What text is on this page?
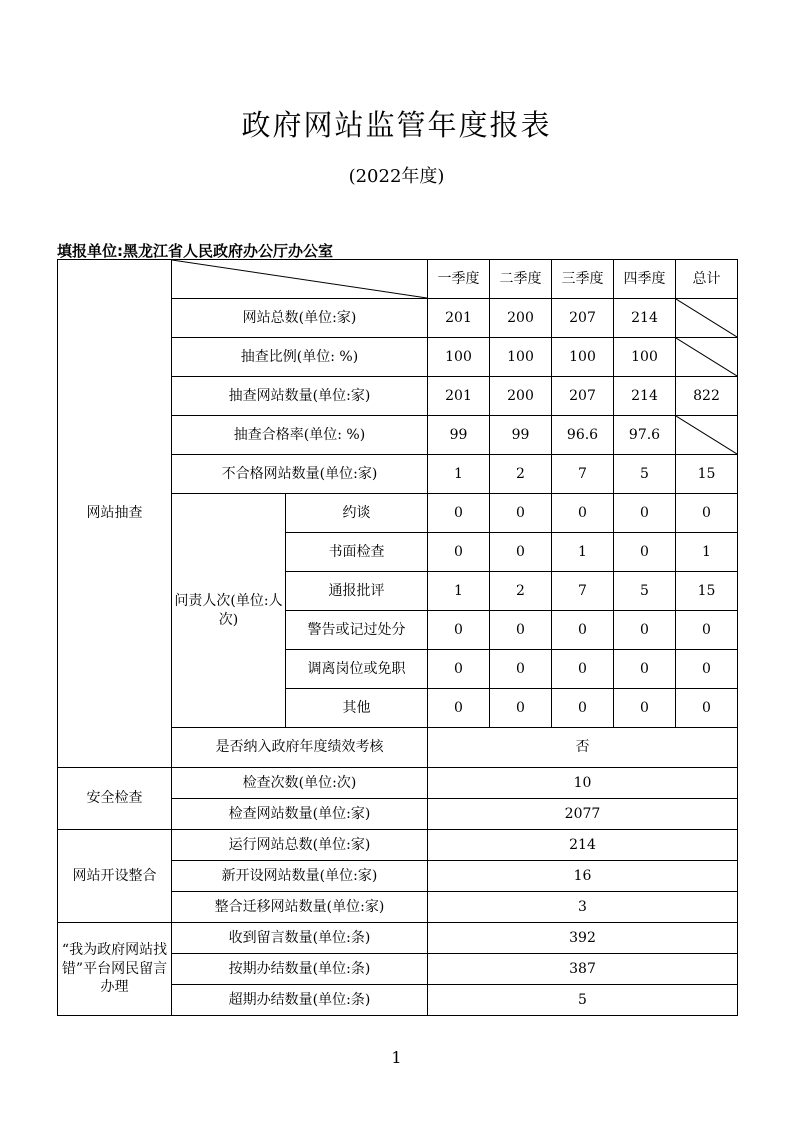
政府网站监管年度报表
(2022年度)
填报单位:黑龙江省人民政府办公厅办公室
网站抽查			一季度	二季度	三季度	四季度	总计
	网站总数(单位:家)		201	200	207	214	

	抽查比例(单位: %)		100	100	100	100	

	抽查网站数量(单位:家)		201	200	207	214	822
	抽查合格率(单位: %)		99	99	96.6	97.6	

	不合格网站数量(单位:家)		1	2	7	5	15
	问责人次(单位:人次)	约谈	0	0	0	0	0
		书面检查	0	0	1	0	1
		通报批评	1	2	7	5	15
		警告或记过处分	0	0	0	0	0
		调离岗位或免职	0	0	0	0	0
		其他	0	0	0	0	0
	是否纳入政府年度绩效考核		否				
安全检查	检查次数(单位:次)		10				
	检查网站数量(单位:家)		2077				
网站开设整合	运行网站总数(单位:家)		214				
	新开设网站数量(单位:家)		16				
	整合迁移网站数量(单位:家)		3				
“我为政府网站找错”平台网民留言办理	收到留言数量(单位:条)		392				
	按期办结数量(单位:条)		387				
	超期办结数量(单位:条)		5				
1
